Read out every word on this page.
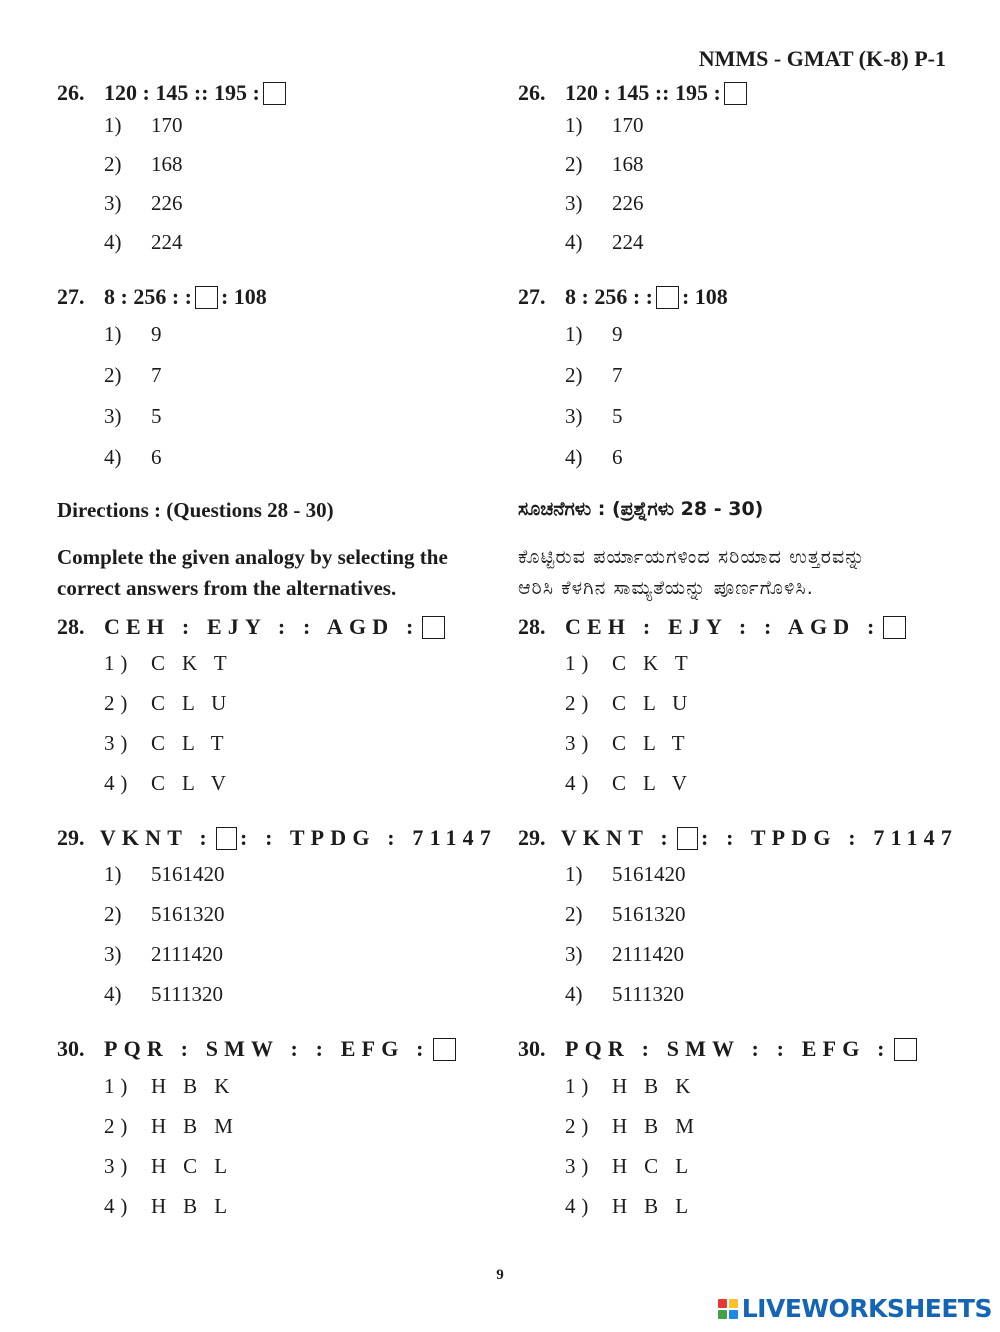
NMMS - GMAT (K-8) P-1
26. 120 : 145 :: 195 :
1)	170
2)	168
3)	226
4)	224
27. 8 : 256 : : : 108
1)	9
2)	7
3)	5
4)	6
Directions : (Questions 28 - 30)
Complete the given analogy by selecting the
correct answers from the alternatives.
28. CEH : EJY : : AGD :
1) C K T
2) C L U
3) C L T
4) C L V
29. VKNT : : : TPDG : 71147
1)	5161420
2)	5161320
3)	2111420
4)	5111320
30. PQR : SMW : : EFG :
1) H B K
2) H B M
3) H C L
4) H B L
26. 120 : 145 :: 195 :
1)	170
2)	168
3)	226
4)	224
27. 8 : 256 : : : 108
1)	9
2)	7
3)	5
4)	6
ಸೂಚನೆಗಳು : (ಪ್ರಶ್ನೆಗಳು 28 - 30)
ಕೊಟ್ಟಿರುವ ಪರ್ಯಾಯಗಳಿಂದ ಸರಿಯಾದ ಉತ್ತರವನ್ನು
ಆರಿಸಿ ಕೆಳಗಿನ ಸಾಮ್ಯತೆಯನ್ನು ಪೂರ್ಣಗೊಳಿಸಿ.
28. CEH : EJY : : AGD :
1) C K T
2) C L U
3) C L T
4) C L V
29. VKNT : : : TPDG : 71147
1)	5161420
2)	5161320
3)	2111420
4)	5111320
30. PQR : SMW : : EFG :
1) H B K
2) H B M
3) H C L
4) H B L
9
LIVEWORKSHEETS
